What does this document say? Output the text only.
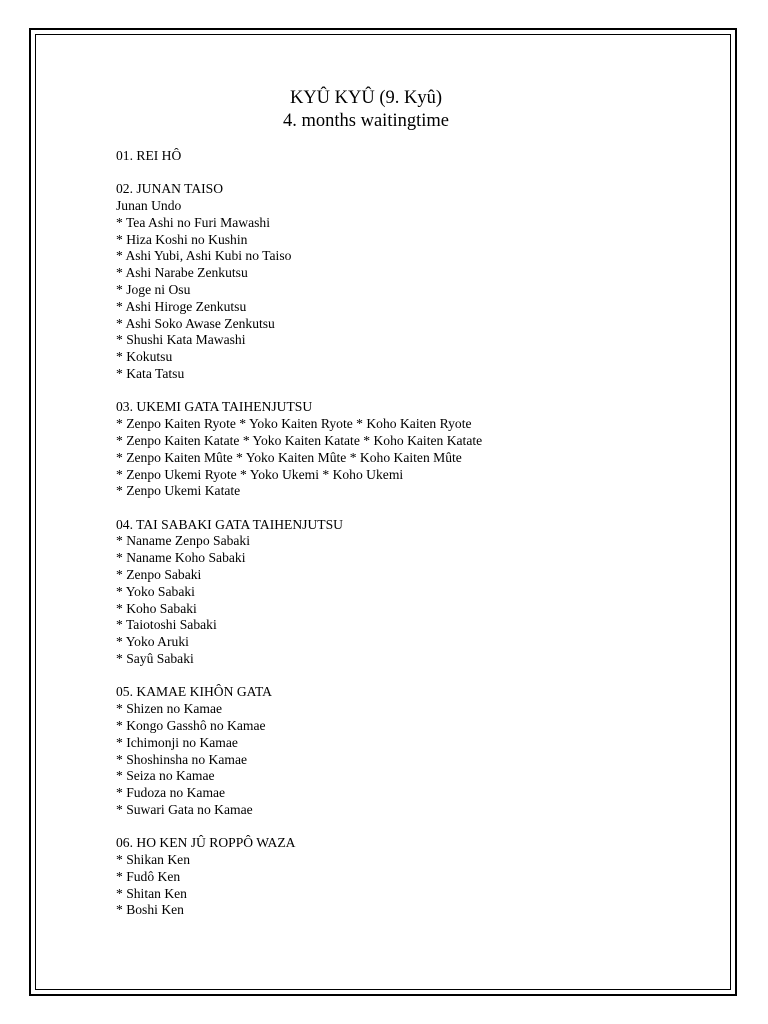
KYÛ KYÛ (9. Kyû)
4. months waitingtime

01. REI HÔ

02. JUNAN TAISO

Junan Undo

* Tea Ashi no Furi Mawashi

* Hiza Koshi no Kushin

* Ashi Yubi, Ashi Kubi no Taiso

* Ashi Narabe Zenkutsu

* Joge ni Osu

* Ashi Hiroge Zenkutsu

* Ashi Soko Awase Zenkutsu

* Shushi Kata Mawashi

* Kokutsu

* Kata Tatsu

03. UKEMI GATA TAIHENJUTSU

* Zenpo Kaiten Ryote * Yoko Kaiten Ryote * Koho Kaiten Ryote

* Zenpo Kaiten Katate * Yoko Kaiten Katate * Koho Kaiten Katate

* Zenpo Kaiten Mûte * Yoko Kaiten Mûte * Koho Kaiten Mûte

* Zenpo Ukemi Ryote * Yoko Ukemi * Koho Ukemi

* Zenpo Ukemi Katate

04. TAI SABAKI GATA TAIHENJUTSU

* Naname Zenpo Sabaki

* Naname Koho Sabaki

* Zenpo Sabaki

* Yoko Sabaki

* Koho Sabaki

* Taiotoshi Sabaki

* Yoko Aruki

* Sayû Sabaki

05. KAMAE KIHÔN GATA

* Shizen no Kamae

* Kongo Gasshô no Kamae

* Ichimonji no Kamae

* Shoshinsha no Kamae

* Seiza no Kamae

* Fudoza no Kamae

* Suwari Gata no Kamae

06. HO KEN JÛ ROPPÔ WAZA

* Shikan Ken

* Fudô Ken

* Shitan Ken

* Boshi Ken
